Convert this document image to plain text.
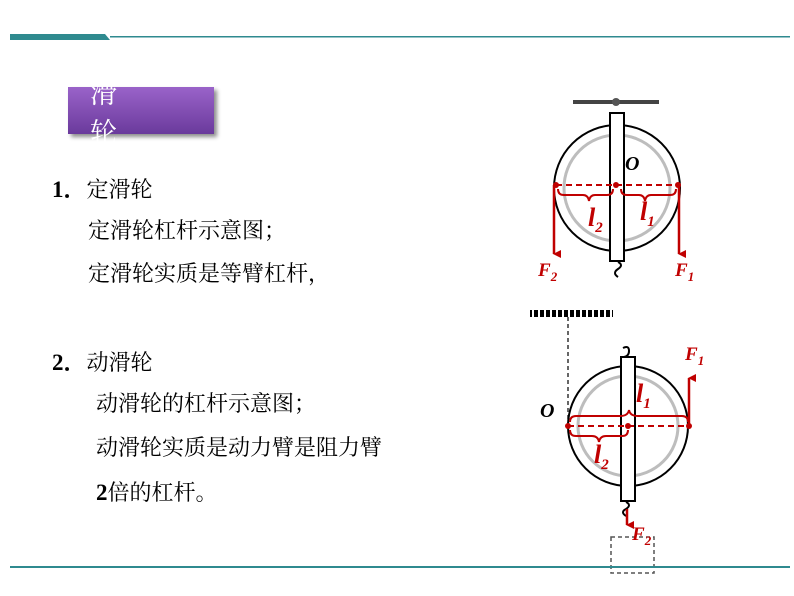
滑 轮
1．定滑轮
定滑轮杠杆示意图；
定滑轮实质是等臂杠杆，
2．动滑轮
动滑轮的杠杆示意图；
动滑轮实质是动力臂是阻力臂
2倍的杠杆。
O
$l_2$
$l_1$
$F_2$	$F_1$
O
$l_1$
$l_2$
$F_1$
$F_2$
